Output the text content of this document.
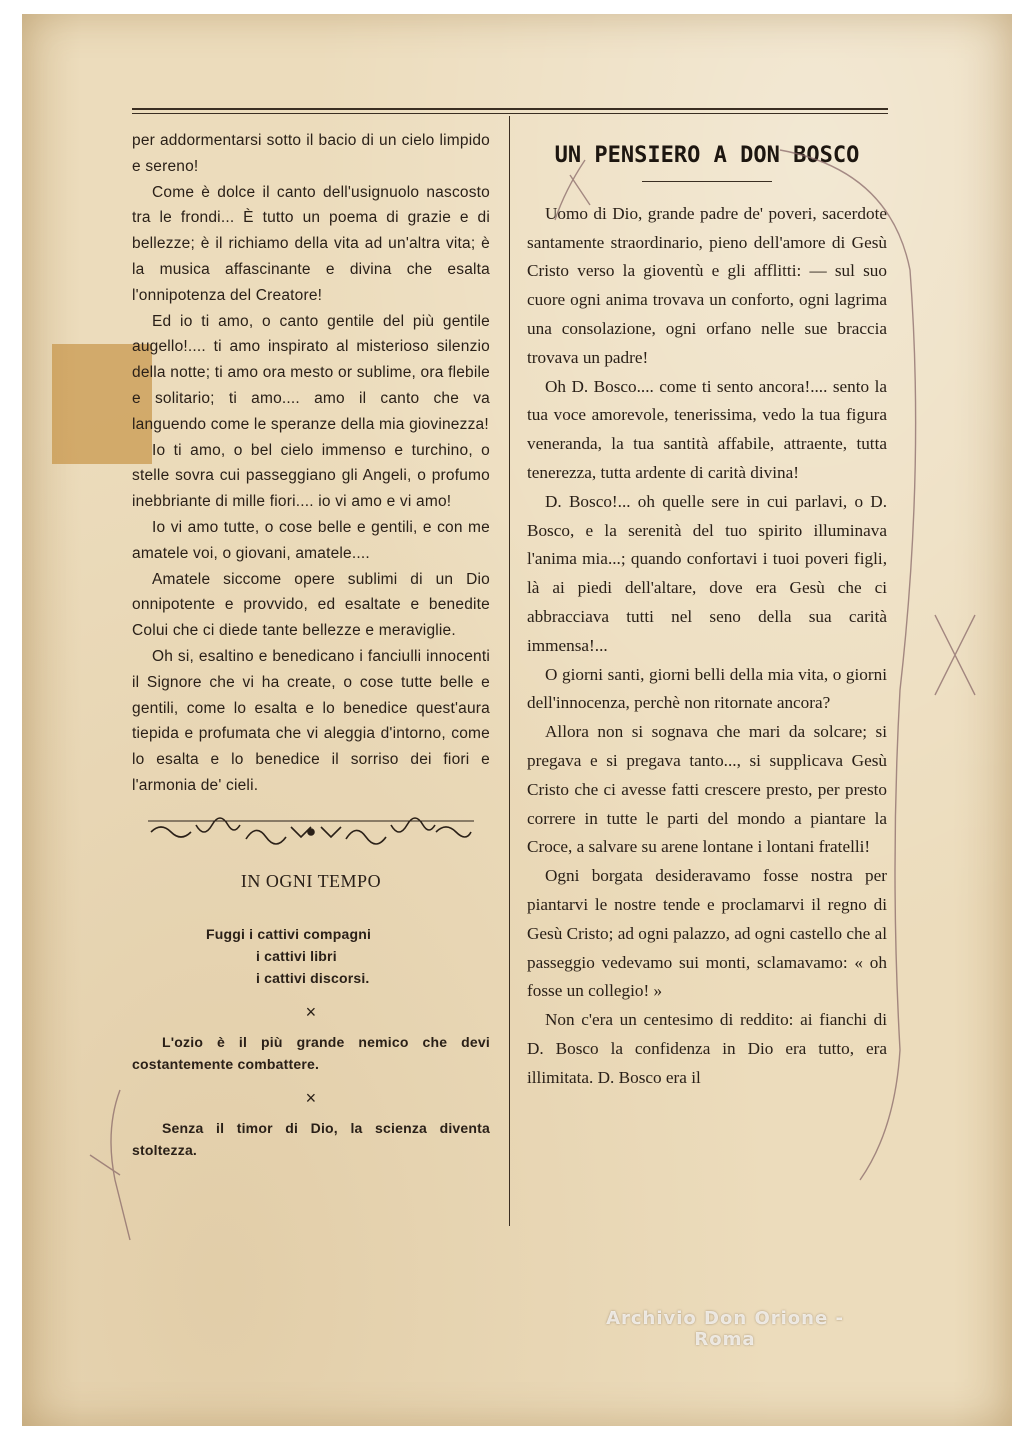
per addormentarsi sotto il bacio di un cielo limpido e sereno!

Come è dolce il canto dell'usignuolo nascosto tra le frondi... È tutto un poema di grazie e di bellezze; è il richiamo della vita ad un'altra vita; è la musica affascinante e divina che esalta l'onnipotenza del Creatore!

Ed io ti amo, o canto gentile del più gentile augello!.... ti amo inspirato al misterioso silenzio della notte; ti amo ora mesto or sublime, ora flebile e solitario; ti amo.... amo il canto che va languendo come le speranze della mia giovinezza!

Io ti amo, o bel cielo immenso e turchino, o stelle sovra cui passeggiano gli Angeli, o profumo inebbriante di mille fiori.... io vi amo e vi amo!

Io vi amo tutte, o cose belle e gentili, e con me amatele voi, o giovani, amatele....

Amatele siccome opere sublimi di un Dio onnipotente e provvido, ed esaltate e benedite Colui che ci diede tante bellezze e meraviglie.

Oh si, esaltino e benedicano i fanciulli innocenti il Signore che vi ha create, o cose tutte belle e gentili, come lo esalta e lo benedice quest'aura tiepida e profumata che vi aleggia d'intorno, come lo esalta e lo benedice il sorriso dei fiori e l'armonia de' cieli.

IN OGNI TEMPO
Fuggi i cattivi compagni
i cattivi libri
i cattivi discorsi.
×

L'ozio è il più grande nemico che devi costantemente combattere.

×

Senza il timor di Dio, la scienza diventa stoltezza.

UN PENSIERO A DON BOSCO

Uomo di Dio, grande padre de' poveri, sacerdote santamente straordinario, pieno dell'amore di Gesù Cristo verso la gioventù e gli afflitti: — sul suo cuore ogni anima trovava un conforto, ogni lagrima una consolazione, ogni orfano nelle sue braccia trovava un padre!

Oh D. Bosco.... come ti sento ancora!.... sento la tua voce amorevole, tenerissima, vedo la tua figura veneranda, la tua santità affabile, attraente, tutta tenerezza, tutta ardente di carità divina!

D. Bosco!... oh quelle sere in cui parlavi, o D. Bosco, e la serenità del tuo spirito illuminava l'anima mia...; quando confortavi i tuoi poveri figli, là ai piedi dell'altare, dove era Gesù che ci abbracciava tutti nel seno della sua carità immensa!...

O giorni santi, giorni belli della mia vita, o giorni dell'innocenza, perchè non ritornate ancora?

Allora non si sognava che mari da solcare; si pregava e si pregava tanto..., si supplicava Gesù Cristo che ci avesse fatti crescere presto, per presto correre in tutte le parti del mondo a piantare la Croce, a salvare su arene lontane i lontani fratelli!

Ogni borgata desideravamo fosse nostra per piantarvi le nostre tende e proclamarvi il regno di Gesù Cristo; ad ogni palazzo, ad ogni castello che al passeggio vedevamo sui monti, sclamavamo: « oh fosse un collegio! »

Non c'era un centesimo di reddito: ai fianchi di D. Bosco la confidenza in Dio era tutto, era illimitata. D. Bosco era il

Archivio Don Orione - Roma
